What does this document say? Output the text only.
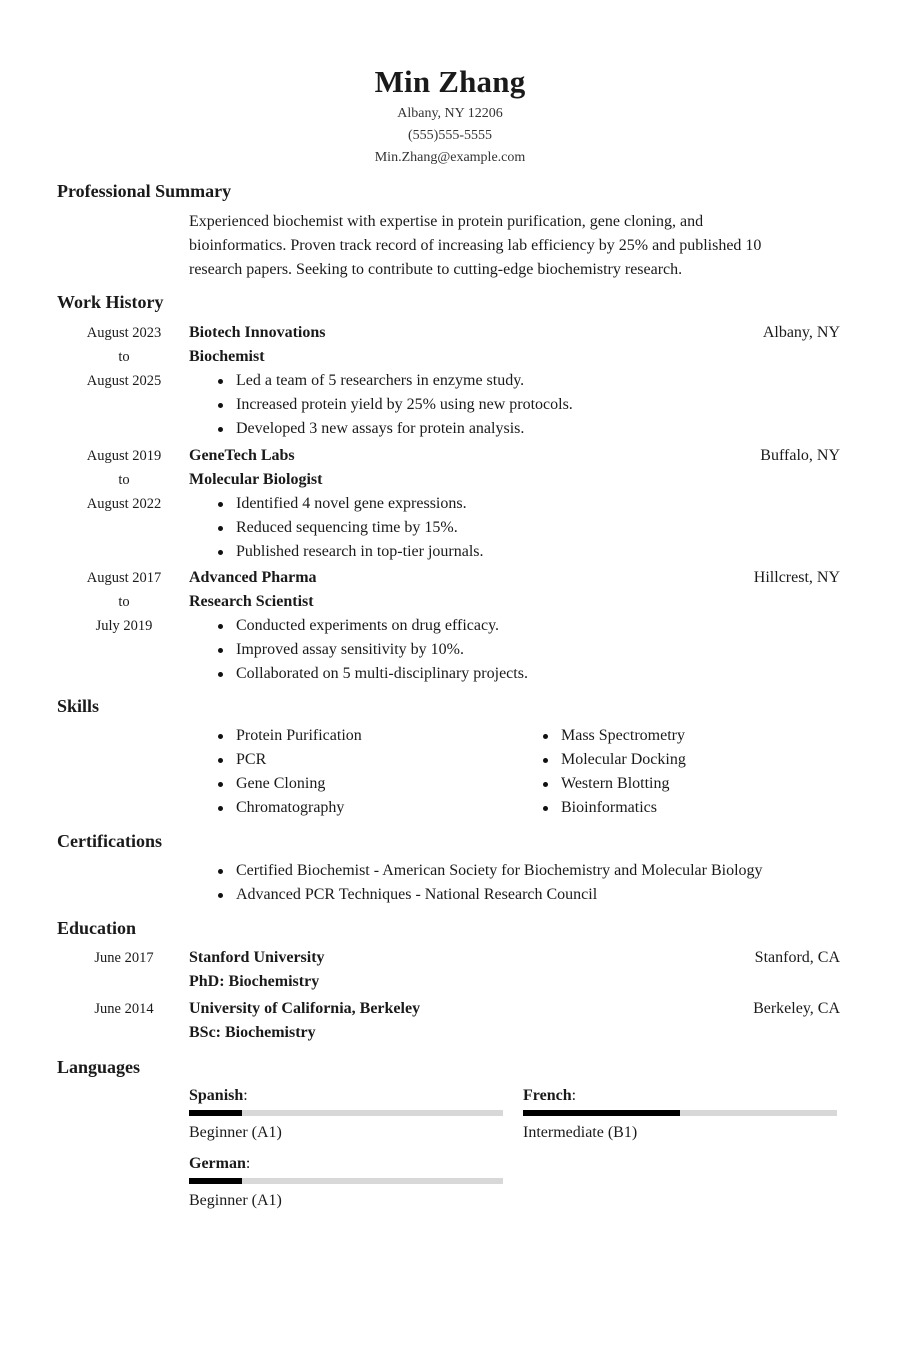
Min Zhang
Albany, NY 12206
(555)555-5555
Min.Zhang@example.com
Professional Summary
Experienced biochemist with expertise in protein purification, gene cloning, and
bioinformatics. Proven track record of increasing lab efficiency by 25% and published 10
research papers. Seeking to contribute to cutting-edge biochemistry research.
Work History
August 2023
to
August 2025
Biotech Innovations	Albany, NY
Biochemist
Led a team of 5 researchers in enzyme study.
Increased protein yield by 25% using new protocols.
Developed 3 new assays for protein analysis.
August 2019
to
August 2022
GeneTech Labs	Buffalo, NY
Molecular Biologist
Identified 4 novel gene expressions.
Reduced sequencing time by 15%.
Published research in top-tier journals.
August 2017
to
July 2019
Advanced Pharma	Hillcrest, NY
Research Scientist
Conducted experiments on drug efficacy.
Improved assay sensitivity by 10%.
Collaborated on 5 multi-disciplinary projects.
Skills
Protein Purification
PCR
Gene Cloning
Chromatography
Mass Spectrometry
Molecular Docking
Western Blotting
Bioinformatics
Certifications
Certified Biochemist - American Society for Biochemistry and Molecular Biology
Advanced PCR Techniques - National Research Council
Education
June 2017	Stanford University	Stanford, CA
PhD: Biochemistry
June 2014	University of California, Berkeley	Berkeley, CA
BSc: Biochemistry
Languages
Spanish:
Beginner (A1)
French:
Intermediate (B1)
German:
Beginner (A1)
